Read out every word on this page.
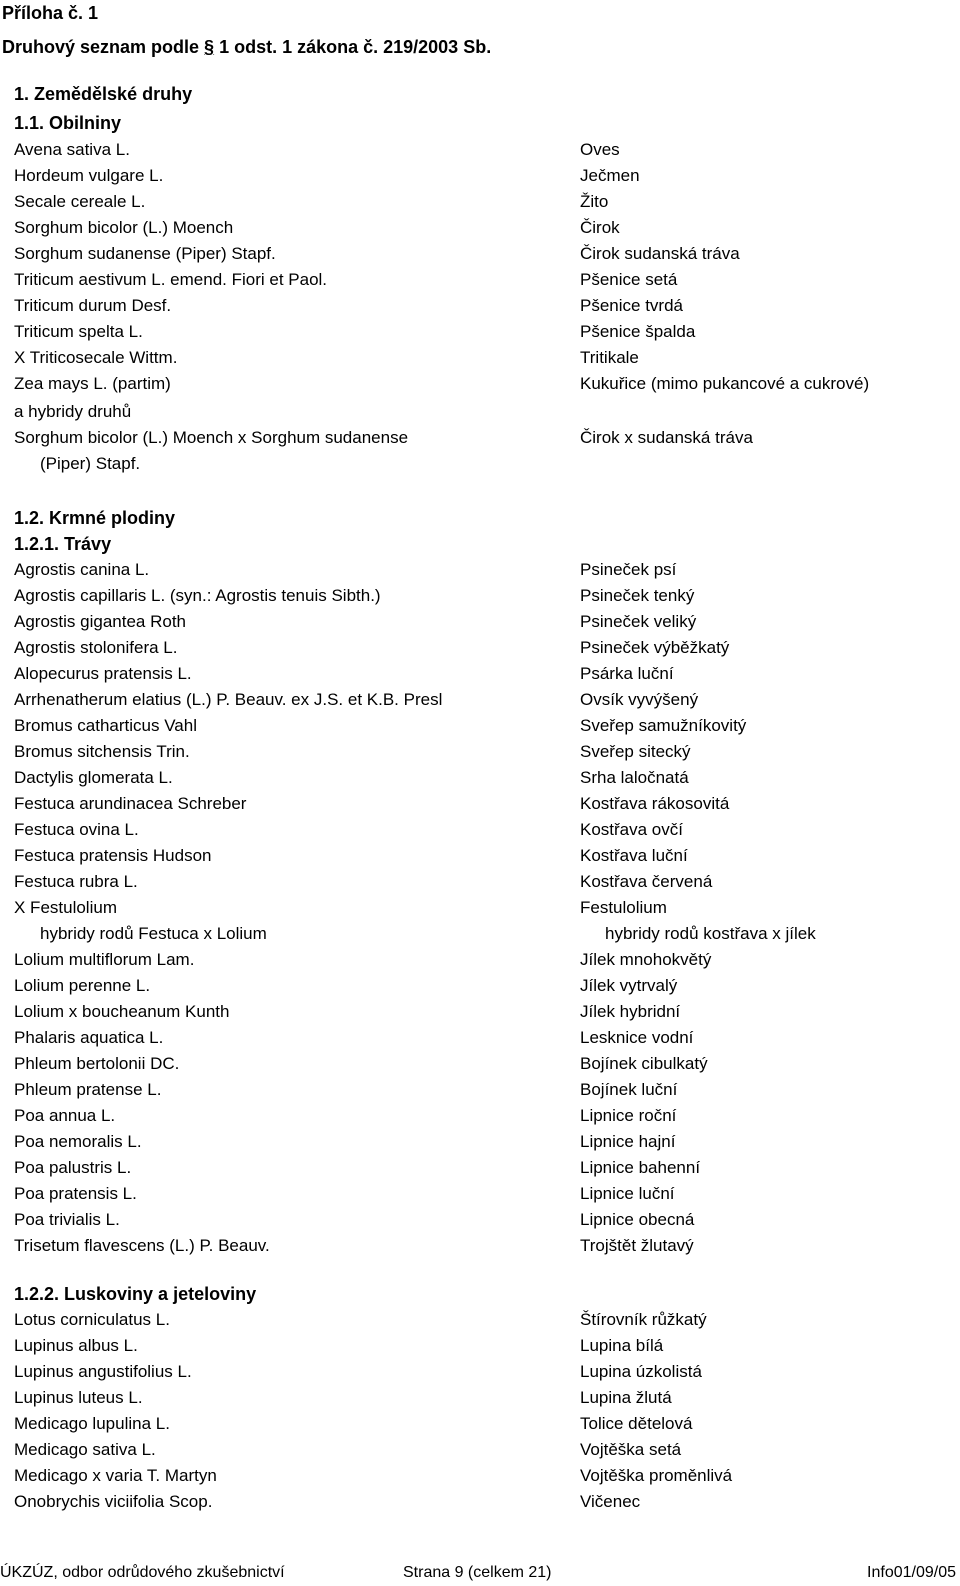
Příloha č. 1
Druhový seznam podle § 1 odst. 1 zákona č. 219/2003 Sb.
1. Zemědělské druhy
1.1. Obilniny
Avena sativa L.	Oves
Hordeum vulgare L.	Ječmen
Secale cereale L.	Žito
Sorghum bicolor (L.) Moench	Čirok
Sorghum sudanense (Piper) Stapf.	Čirok sudanská tráva
Triticum aestivum L. emend. Fiori et Paol.	Pšenice setá
Triticum durum Desf.	Pšenice tvrdá
Triticum spelta L.	Pšenice špalda
X Triticosecale Wittm.	Tritikale
Zea mays L. (partim)	Kukuřice (mimo pukancové a cukrové)
a hybridy druhů
Sorghum bicolor (L.) Moench x Sorghum sudanense	Čirok x sudanská tráva
(Piper) Stapf.
1.2. Krmné plodiny
1.2.1. Trávy
Agrostis canina L.	Psineček psí
Agrostis capillaris L. (syn.: Agrostis tenuis Sibth.)	Psineček tenký
Agrostis gigantea Roth	Psineček veliký
Agrostis stolonifera L.	Psineček výběžkatý
Alopecurus pratensis L.	Psárka luční
Arrhenatherum elatius (L.) P. Beauv. ex J.S. et K.B. Presl	Ovsík vyvýšený
Bromus catharticus Vahl	Sveřep samužníkovitý
Bromus sitchensis Trin.	Sveřep sitecký
Dactylis glomerata L.	Srha laločnatá
Festuca arundinacea Schreber	Kostřava rákosovitá
Festuca ovina L.	Kostřava ovčí
Festuca pratensis Hudson	Kostřava luční
Festuca rubra L.	Kostřava červená
X Festulolium	Festulolium
hybridy rodů Festuca x Lolium	hybridy rodů kostřava x jílek
Lolium multiflorum Lam.	Jílek mnohokvětý
Lolium perenne L.	Jílek vytrvalý
Lolium x boucheanum Kunth	Jílek hybridní
Phalaris aquatica L.	Lesknice vodní
Phleum bertolonii DC.	Bojínek cibulkatý
Phleum pratense L.	Bojínek luční
Poa annua L.	Lipnice roční
Poa nemoralis L.	Lipnice hajní
Poa palustris L.	Lipnice bahenní
Poa pratensis L.	Lipnice luční
Poa trivialis L.	Lipnice obecná
Trisetum flavescens (L.) P. Beauv.	Trojštět žlutavý
1.2.2. Luskoviny a jeteloviny
Lotus corniculatus L.	Štírovník růžkatý
Lupinus albus L.	Lupina bílá
Lupinus angustifolius L.	Lupina úzkolistá
Lupinus luteus L.	Lupina žlutá
Medicago lupulina L.	Tolice dětelová
Medicago sativa L.	Vojtěška setá
Medicago x varia T. Martyn	Vojtěška proměnlivá
Onobrychis viciifolia Scop.	Vičenec
ÚKZÚZ, odbor odrůdového zkušebnictví	Strana 9 (celkem 21)	Info01/09/05
